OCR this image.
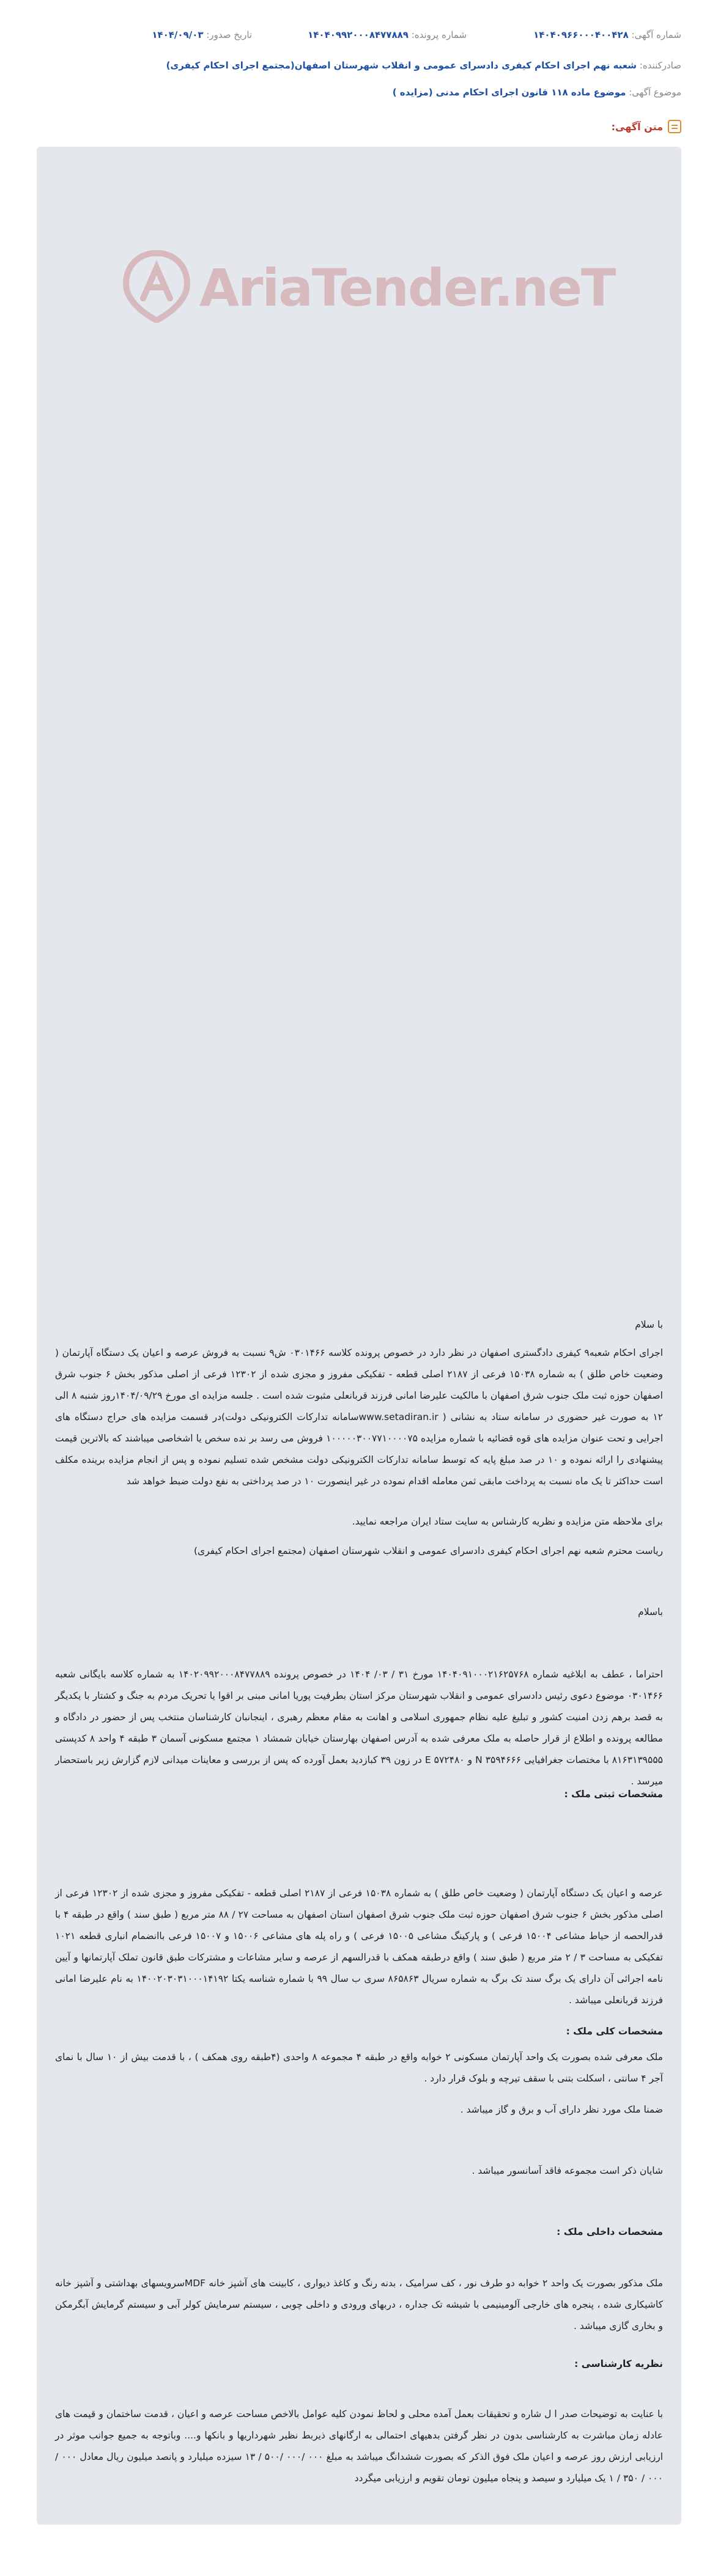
شماره آگهی: ۱۴۰۴۰۹۶۶۰۰۰۴۰۰۴۲۸
شماره پرونده: ۱۴۰۴۰۹۹۲۰۰۰۸۴۷۷۸۸۹
تاریخ صدور: ۱۴۰۴/۰۹/۰۳
صادرکننده: شعبه نهم اجرای احکام کیفری دادسرای عمومی و انقلاب شهرستان اصفهان(مجتمع اجرای احکام کیفری)
موضوع آگهی: موضوع ماده ۱۱۸ قانون اجرای احکام مدنی (مزایده )
متن آگهی:
AriaTender.neT

با سلام

اجرای احکام شعبه۹ کیفری دادگستری اصفهان در نظر دارد در خصوص پرونده کلاسه ۰۳۰۱۴۶۶ ش۹ نسبت به فروش عرصه و اعیان یک دستگاه آپارتمان ( وضعیت خاص طلق ) به شماره ۱۵۰۳۸ فرعی از ۲۱۸۷ اصلی قطعه - تفکیکی مفروز و مجزی شده از ۱۲۳۰۲ فرعی از اصلی مذکور بخش ۶ جنوب شرق اصفهان حوزه ثبت ملک جنوب شرق اصفهان با مالکیت علیرضا امانی فرزند قربانعلی مثبوت شده است . جلسه مزایده ای مورخ ۱۴۰۴/۰۹/۲۹روز شنبه ۸ الی ۱۲ به صورت غیر حضوری در سامانه ستاد به نشانی ( www.setadiran.irسامانه تدارکات الکترونیکی دولت)در قسمت مزایده های حراج دستگاه های اجرایی و تحت عنوان مزایده های قوه قضائیه با شماره مزایده ۱۰۰۰۰۰۳۰۰۷۷۱۰۰۰۰۷۵ فروش می رسد بر نده سخص یا اشخاصی میباشند که بالاترین قیمت پیشنهادی را ارائه نموده و ۱۰ در صد مبلغ پایه که توسط سامانه تدارکات الکترونیکی دولت مشخص شده تسلیم نموده و پس از انجام مزایده برینده مکلف است حداکثر تا یک ماه نسبت به پرداخت مابقی ثمن معامله اقدام نموده در غیر اینصورت ۱۰ در صد پرداختی به نفع دولت ضبط خواهد شد

برای ملاحظه متن مزایده و نظریه کارشناس به سایت ستاد ایران مراجعه نمایید.

ریاست محترم شعبه نهم اجرای احکام کیفری دادسرای عمومی و انقلاب شهرستان اصفهان (مجتمع اجرای احکام کیفری)

باسلام

احتراما ، عطف به ابلاغیه شماره ۱۴۰۴۰۹۱۰۰۰۲۱۶۲۵۷۶۸ مورخ ۳۱ / ۰۳/ ۱۴۰۴ در خصوص پرونده ۱۴۰۲۰۹۹۲۰۰۰۸۴۷۷۸۸۹ به شماره کلاسه بایگانی شعبه ۰۳۰۱۴۶۶ موضوع دعوی رئیس دادسرای عمومی و انقلاب شهرستان مرکز استان بطرفیت پوریا امانی مبنی بر اقوا یا تحریک مردم به جنگ و کشتار با یکدیگر به قصد برهم زدن امنیت کشور و تبلیغ علیه نظام جمهوری اسلامی و اهانت به مقام معظم رهبری ، اینجانبان کارشناسان منتخب پس از حضور در دادگاه و مطالعه پرونده و اطلاع از قرار حاصله به ملک معرفی شده به آدرس اصفهان بهارستان خیابان شمشاد ۱ مجتمع مسکونی آسمان ۳ طبقه ۴ واحد ۸ کدپستی ۸۱۶۳۱۳۹۵۵۵ با مختصات جغرافیایی ۳۵۹۴۶۶۶ N و ۵۷۲۴۸۰ E در زون ۳۹ کبازدید بعمل آورده که پس از بررسی و معاینات میدانی لازم گزارش زیر باستحضار میرسد .

مشخصات ثبتی ملک :

عرصه و اعیان یک دستگاه آپارتمان ( وضعیت خاص طلق ) به شماره ۱۵۰۳۸ فرعی از ۲۱۸۷ اصلی قطعه - تفکیکی مفروز و مجزی شده از ۱۲۳۰۲ فرعی از اصلی مذکور بخش ۶ جنوب شرق اصفهان حوزه ثبت ملک جنوب شرق اصفهان استان اصفهان به مساحت ۲۷ / ۸۸ متر مربع ( طبق سند ) واقع در طبقه ۴ با قدرالحصه از حیاط مشاعی ۱۵۰۰۴ فرعی ) و پارکینگ مشاعی ۱۵۰۰۵ فرعی ) و راه پله های مشاعی ۱۵۰۰۶ و ۱۵۰۰۷ فرعی باانضمام انباری قطعه ۱۰۲۱ تفکیکی به مساحت ۳ / ۲ متر مربع ( طبق سند ) واقع درطبقه همکف با قدرالسهم از عرصه و سایر مشاعات و مشترکات طبق قانون تملک آپارتمانها و آیین نامه اجرائی آن دارای یک برگ سند تک برگ به شماره سریال ۸۶۵۸۶۳ سری ب سال ۹۹ با شماره شناسه یکتا ۱۴۰۰۲۰۳۰۳۱۰۰۰۱۴۱۹۲ به نام علیرضا امانی فرزند قربانعلی میباشد .

مشخصات کلی ملک :

ملک معرفی شده بصورت یک واحد آپارتمان مسکونی ۲ خوابه واقع در طبقه ۴ مجموعه ۸ واحدی (۴طبقه روی همکف ) ، با قدمت بیش از ۱۰ سال با نمای آجر ۴ سانتی ، اسکلت بتنی با سقف تیرچه و بلوک قرار دارد .

ضمنا ملک مورد نظر دارای آب و برق و گاز میباشد .

شایان ذکر است مجموعه فاقد آسانسور میباشد .

مشخصات داخلی ملک :

ملک مذکور بصورت یک واحد ۲ خوابه دو طرف نور ، کف سرامیک ، بدنه رنگ و کاغذ دیواری ، کابینت های آشپز خانه MDFسرویسهای بهداشتی و آشپز خانه کاشیکاری شده ، پنجره های خارجی آلومینیمی با شیشه تک جداره ، دربهای ورودی و داخلی چوبی ، سیستم سرمایش کولر آبی و سیستم گرمایش آبگرمکن و بخاری گازی میباشد .

نظریه کارشناسی :

با عنایت به توضیحات صدر ا ل شاره و تحقیقات بعمل آمده محلی و لحاظ نمودن کلیه عوامل بالاخص مساحت عرصه و اعیان ، قدمت ساختمان و قیمت های عادله زمان مباشرت به کارشناسی بدون در نظر گرفتن بدهیهای احتمالی به ارگانهای ذیربط نظیر شهرداریها و بانکها و.... وباتوجه به جمیع جوانب موثر در ارزیابی ارزش روز عرصه و اعیان ملک فوق الذکر که بصورت ششدانگ میباشد به مبلغ ۰۰۰ /۰۰۰ /۵۰۰ / ۱۳ سیزده میلیارد و پانصد میلیون ریال معادل ۰۰۰ / ۰۰۰ / ۳۵۰ / ۱ یک میلیارد و سیصد و پنجاه میلیون تومان تقویم و ارزیابی میگردد
